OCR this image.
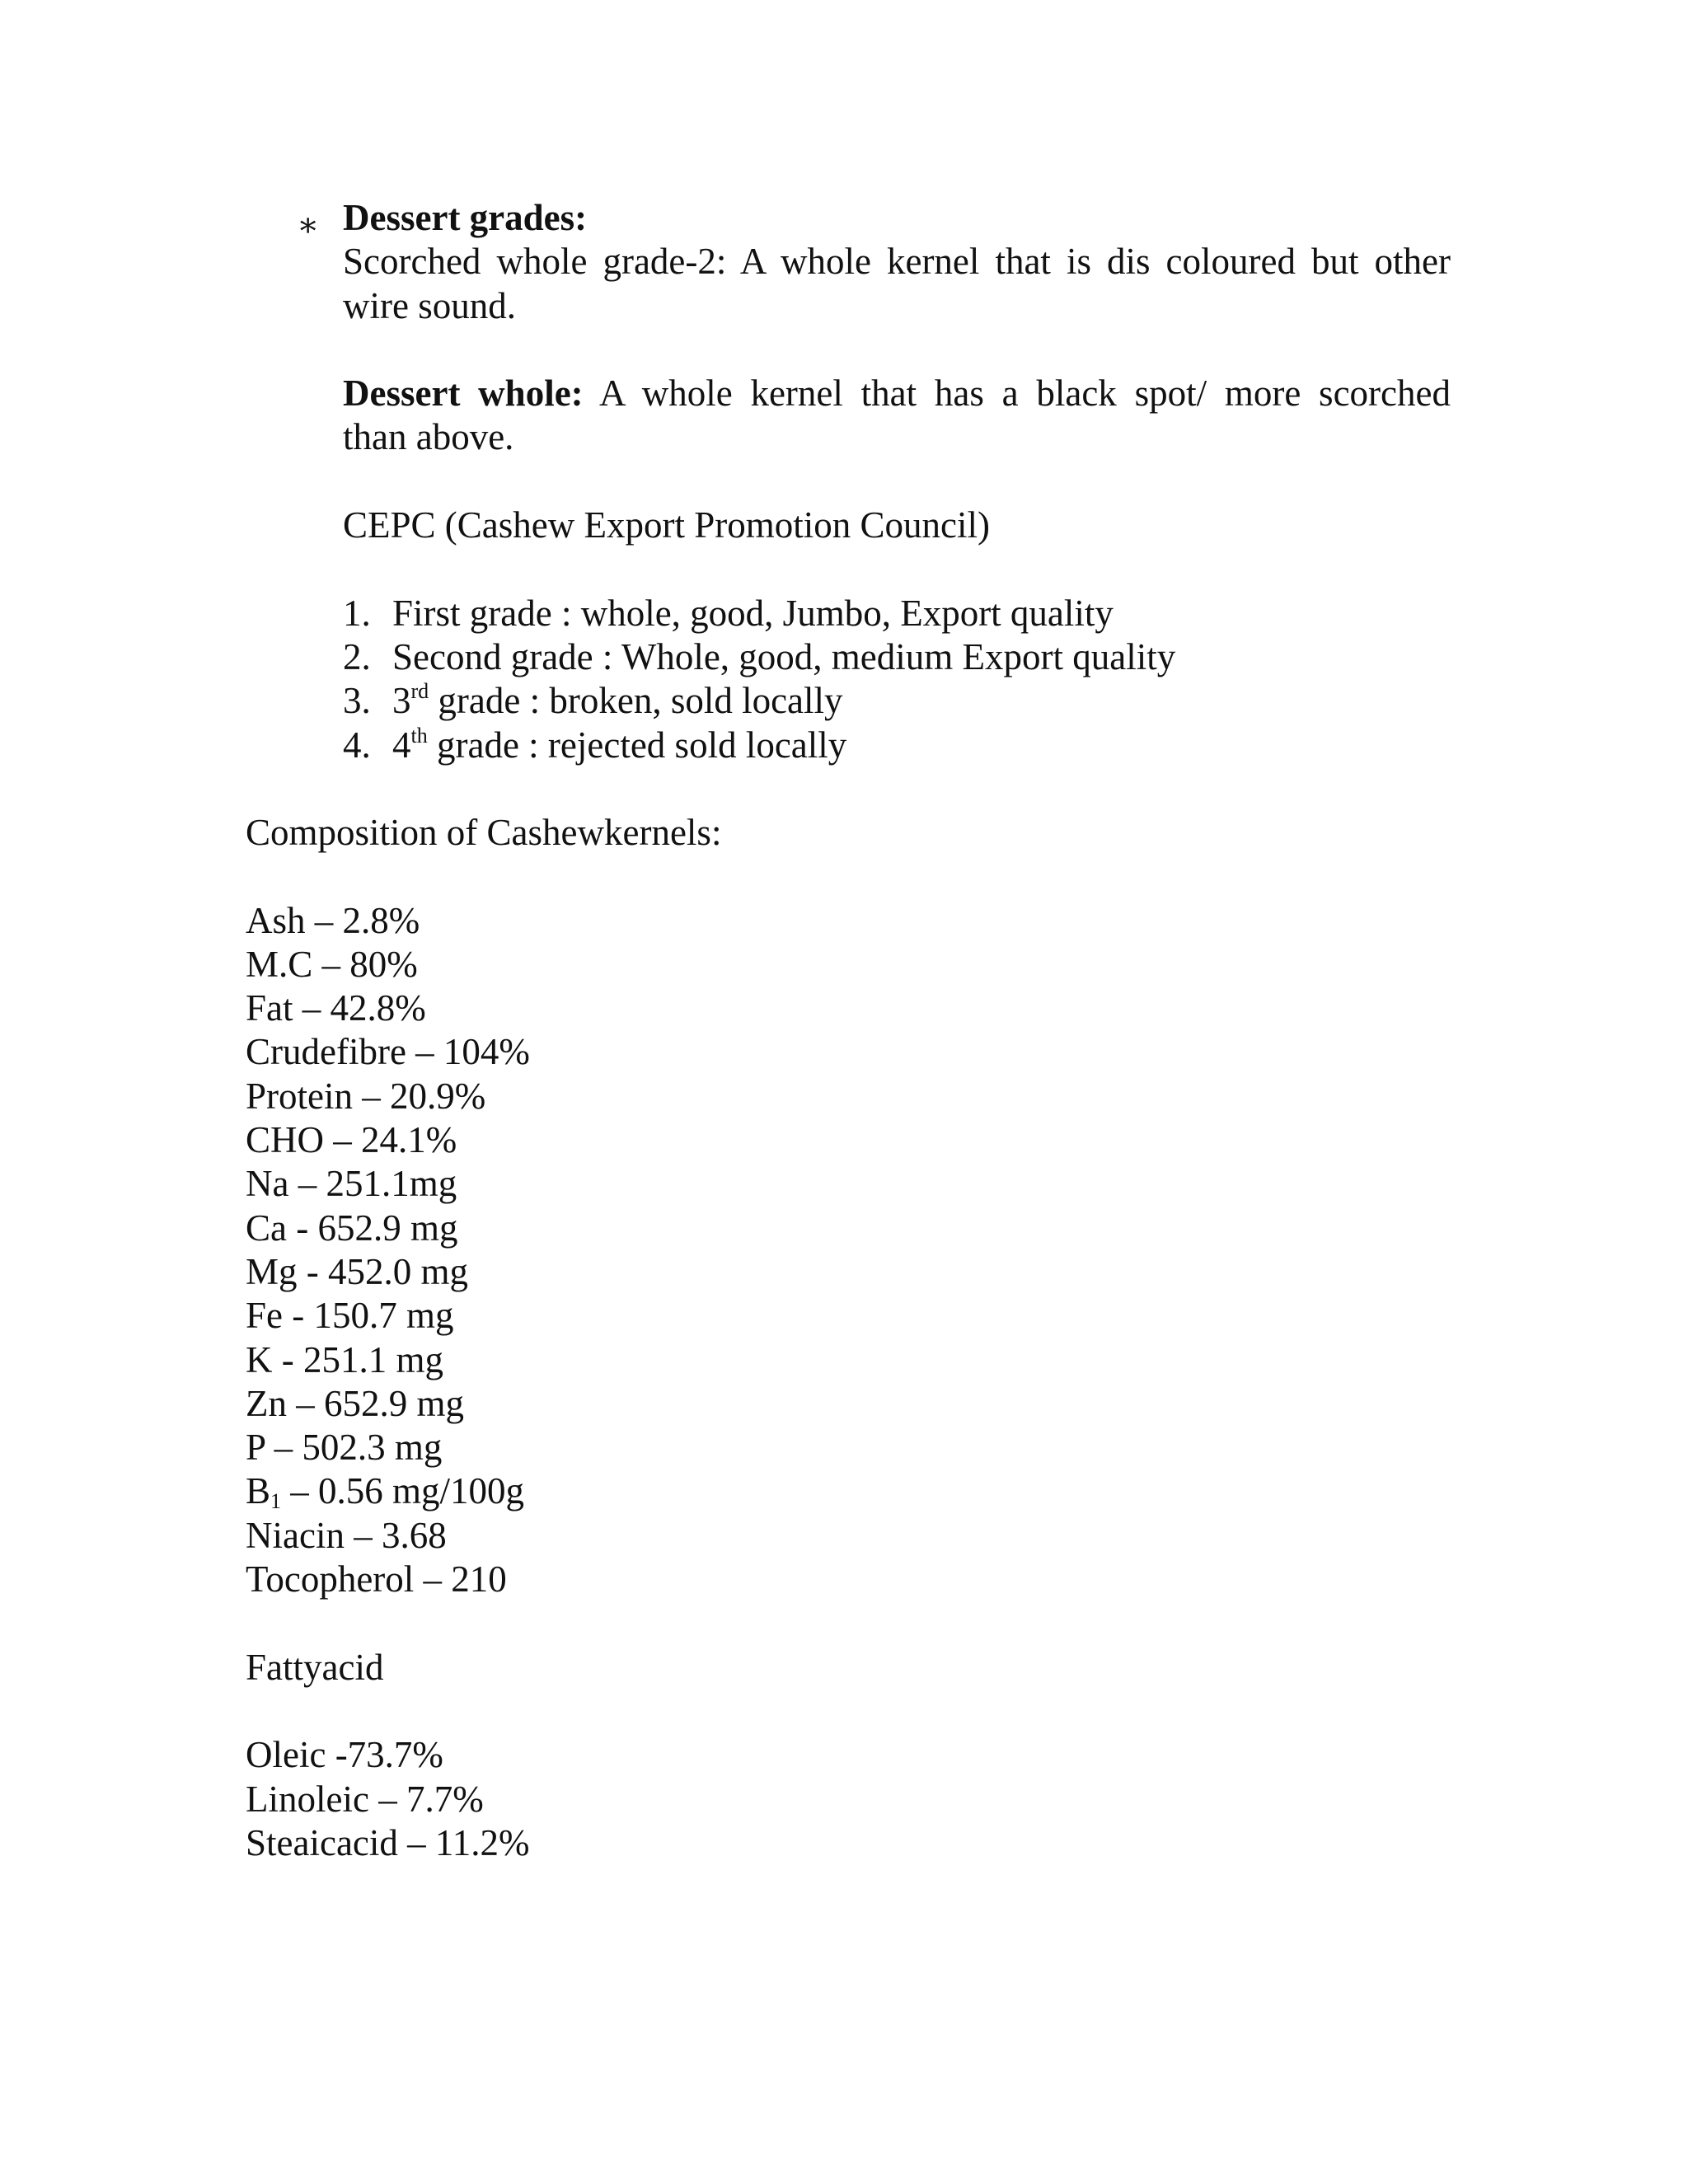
∗ Dessert grades:
Scorched whole grade-2: A whole kernel that is dis coloured but other
wire sound.
Dessert whole: A whole kernel that has a black spot/ more scorched
than above.
CEPC (Cashew Export Promotion Council)
1. First grade : whole, good, Jumbo, Export quality
2. Second grade : Whole, good, medium Export quality
3. 3rd grade : broken, sold locally
4. 4th grade : rejected sold locally
Composition of Cashewkernels:
Ash – 2.8%
M.C – 80%
Fat – 42.8%
Crudefibre – 104%
Protein – 20.9%
CHO – 24.1%
Na – 251.1mg
Ca - 652.9 mg
Mg - 452.0 mg
Fe - 150.7 mg
K - 251.1 mg
Zn – 652.9 mg
P – 502.3 mg
$B_1 - 0.56$ mg/100g
Niacin – 3.68
Tocopherol – 210
Fattyacid
Oleic -73.7%
Linoleic – 7.7%
Steaicacid – 11.2%
